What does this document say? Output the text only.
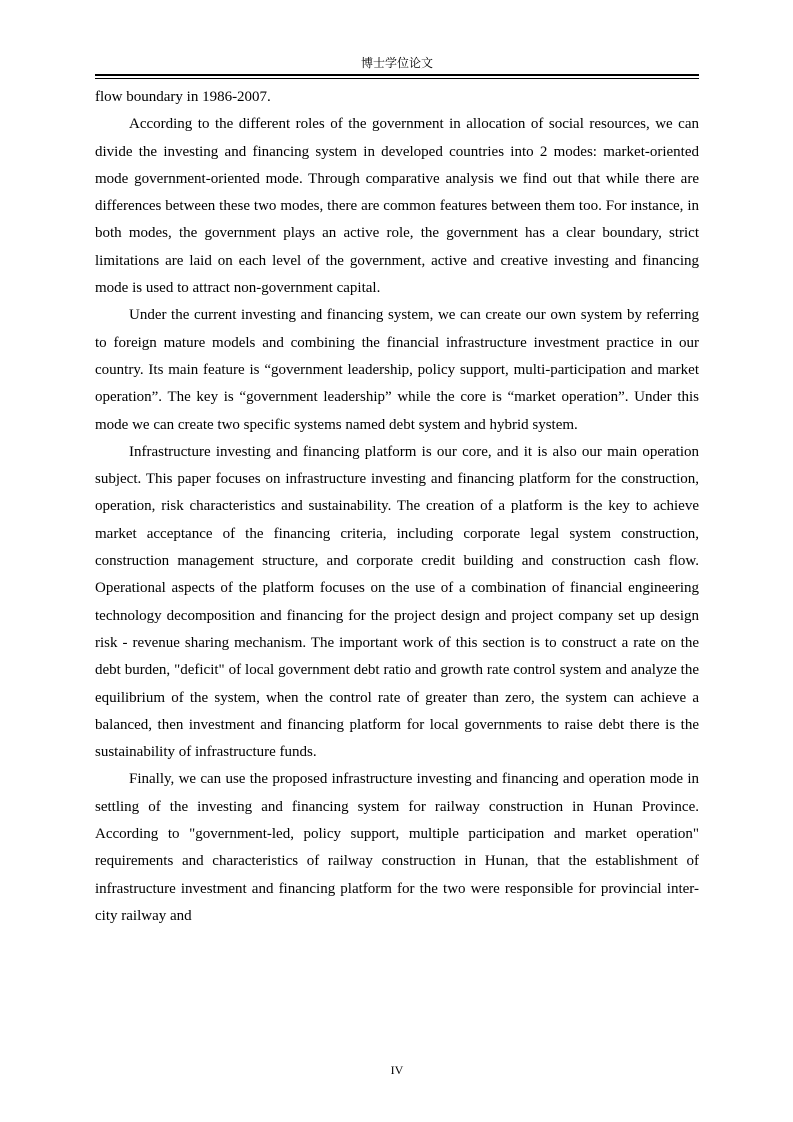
博士学位论文

flow boundary in 1986-2007.

According to the different roles of the government in allocation of social resources, we can divide the investing and financing system in developed countries into 2 modes: market-oriented mode government-oriented mode. Through comparative analysis we find out that while there are differences between these two modes, there are common features between them too. For instance, in both modes, the government plays an active role, the government has a clear boundary, strict limitations are laid on each level of the government, active and creative investing and financing mode is used to attract non-government capital.

Under the current investing and financing system, we can create our own system by referring to foreign mature models and combining the financial infrastructure investment practice in our country. Its main feature is “government leadership, policy support, multi-participation and market operation”. The key is “government leadership” while the core is “market operation”. Under this mode we can create two specific systems named debt system and hybrid system.

Infrastructure investing and financing platform is our core, and it is also our main operation subject. This paper focuses on infrastructure investing and financing platform for the construction, operation, risk characteristics and sustainability. The creation of a platform is the key to achieve market acceptance of the financing criteria, including corporate legal system construction, construction management structure, and corporate credit building and construction cash flow. Operational aspects of the platform focuses on the use of a combination of financial engineering technology decomposition and financing for the project design and project company set up design risk - revenue sharing mechanism. The important work of this section is to construct a rate on the debt burden, "deficit" of local government debt ratio and growth rate control system and analyze the equilibrium of the system, when the control rate of greater than zero, the system can achieve a balanced, then investment and financing platform for local governments to raise debt there is the sustainability of infrastructure funds.

Finally, we can use the proposed infrastructure investing and financing and operation mode in settling of the investing and financing system for railway construction in Hunan Province. According to "government-led, policy support, multiple participation and market operation" requirements and characteristics of railway construction in Hunan, that the establishment of infrastructure investment and financing platform for the two were responsible for provincial inter-city railway and

IV
